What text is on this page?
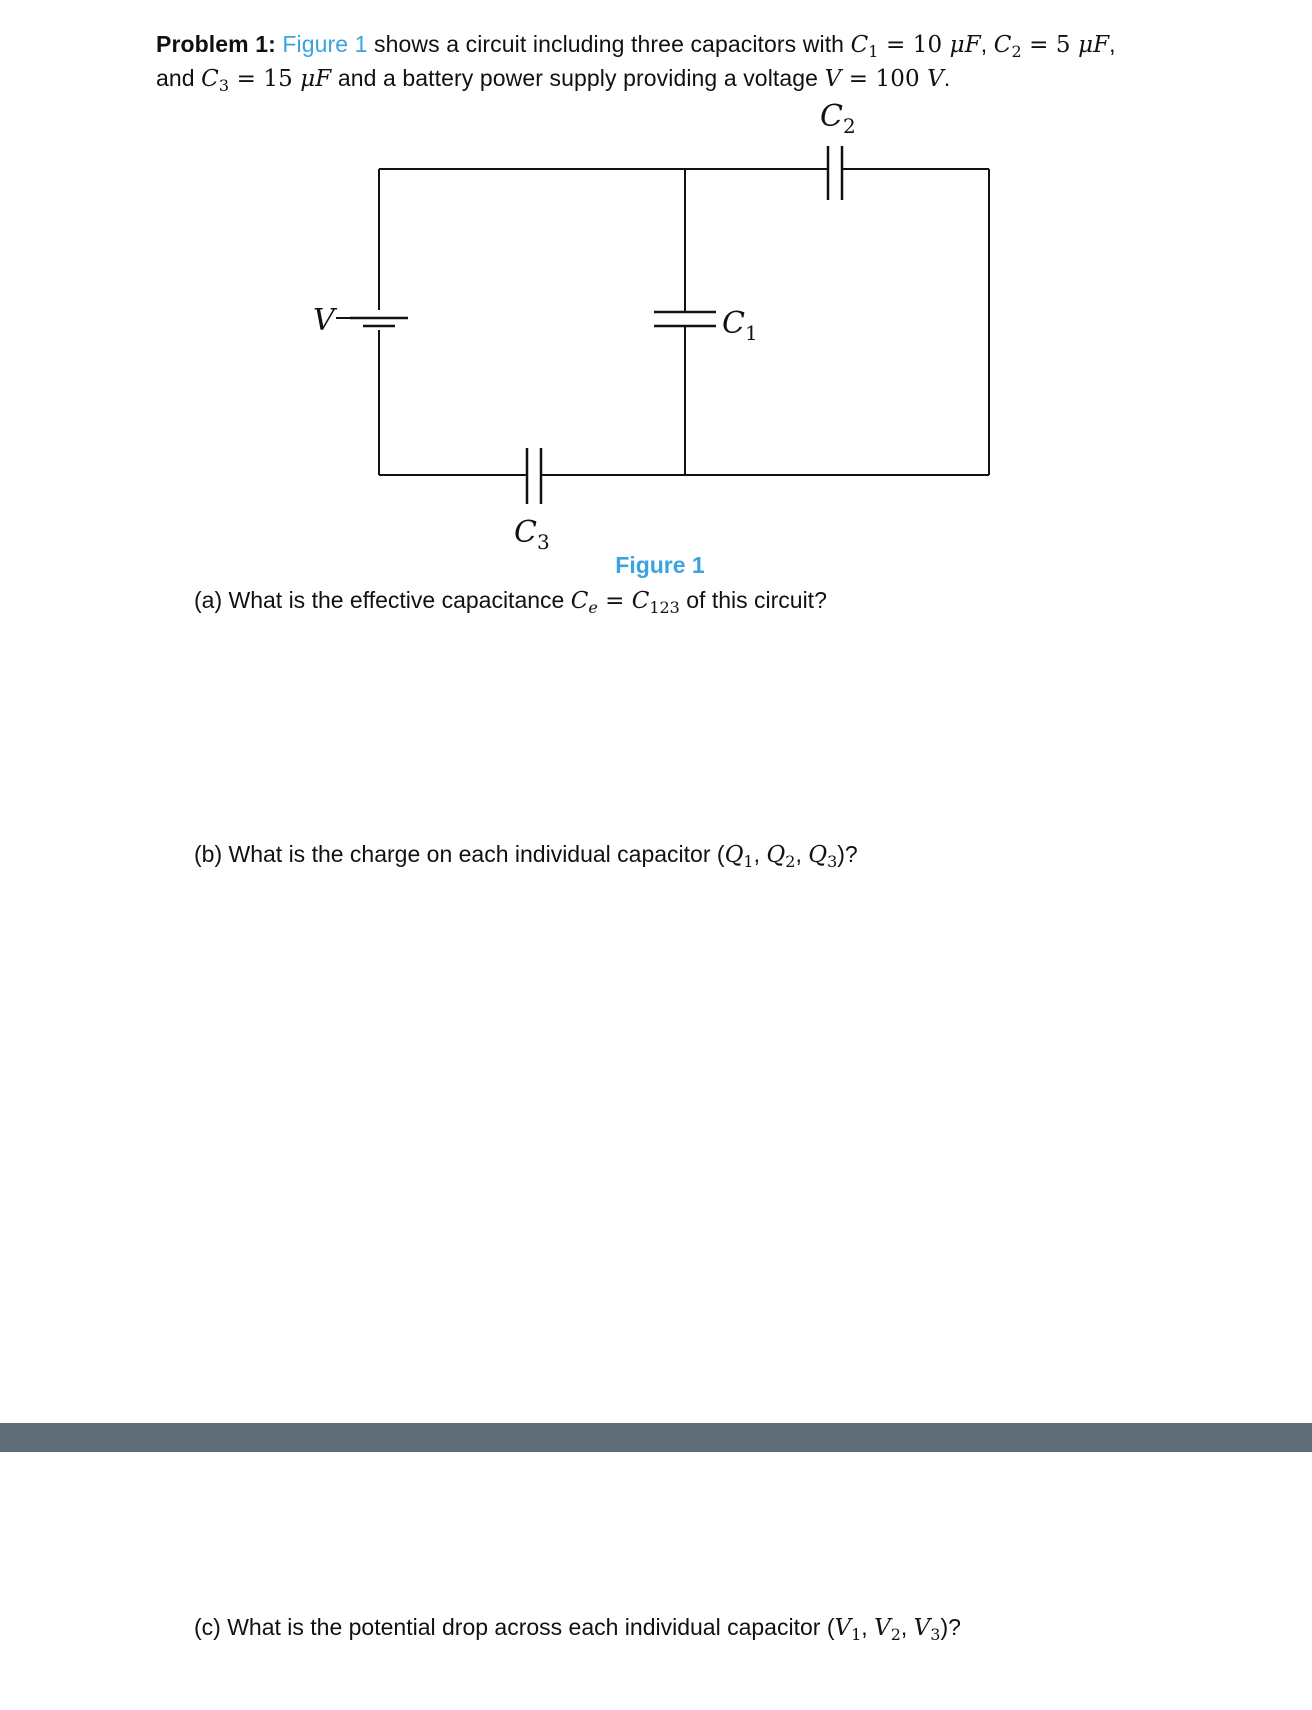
Problem 1: Figure 1 shows a circuit including three capacitors with $C_1 = 10$ μF, $C_2 = 5$ μF,
and $C_3 = 15$ μF and a battery power supply providing a voltage V = 100 V.
$C_2$
$C_1$
V
$C_3$
Figure 1
(a) What is the effective capacitance $C_e = C_{123}$ of this circuit?
(b) What is the charge on each individual capacitor ($Q_1$, $Q_2$, $Q_3$)?
(c) What is the potential drop across each individual capacitor ($V_1$, $V_2$, $V_3$)?
